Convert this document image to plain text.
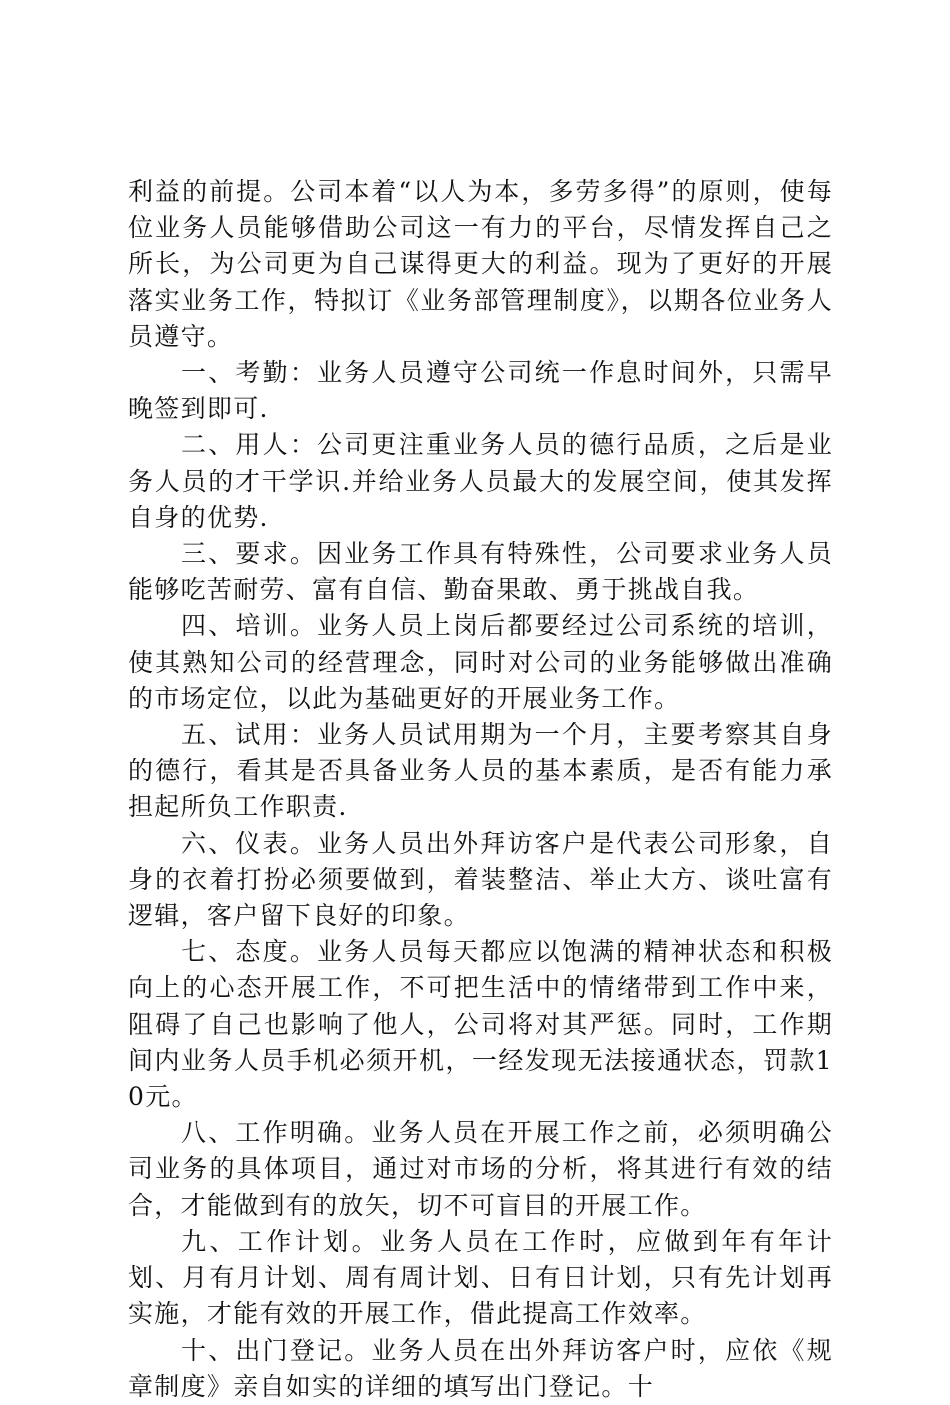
利益的前提。公司本着“以人为本，多劳多得”的原则，使每位业务人员能够借助公司这一有力的平台，尽情发挥自己之所长，为公司更为自己谋得更大的利益。现为了更好的开展落实业务工作，特拟订《业务部管理制度》，以期各位业务人员遵守。

一、考勤：业务人员遵守公司统一作息时间外，只需早晚签到即可.

二、用人：公司更注重业务人员的德行品质，之后是业务人员的才干学识.并给业务人员最大的发展空间，使其发挥自身的优势.

三、要求。因业务工作具有特殊性，公司要求业务人员能够吃苦耐劳、富有自信、勤奋果敢、勇于挑战自我。

四、培训。业务人员上岗后都要经过公司系统的培训，使其熟知公司的经营理念，同时对公司的业务能够做出准确的市场定位，以此为基础更好的开展业务工作。

五、试用：业务人员试用期为一个月，主要考察其自身的德行，看其是否具备业务人员的基本素质，是否有能力承担起所负工作职责.

六、仪表。业务人员出外拜访客户是代表公司形象，自身的衣着打扮必须要做到，着装整洁、举止大方、谈吐富有逻辑，客户留下良好的印象。

七、态度。业务人员每天都应以饱满的精神状态和积极向上的心态开展工作，不可把生活中的情绪带到工作中来，阻碍了自己也影响了他人，公司将对其严惩。同时，工作期间内业务人员手机必须开机，一经发现无法接通状态，罚款10元。

八、工作明确。业务人员在开展工作之前，必须明确公司业务的具体项目，通过对市场的分析，将其进行有效的结合，才能做到有的放矢，切不可盲目的开展工作。

九、工作计划。业务人员在工作时，应做到年有年计划、月有月计划、周有周计划、日有日计划，只有先计划再实施，才能有效的开展工作，借此提高工作效率。

十、出门登记。业务人员在出外拜访客户时，应依《规章制度》亲自如实的详细的填写出门登记。十
